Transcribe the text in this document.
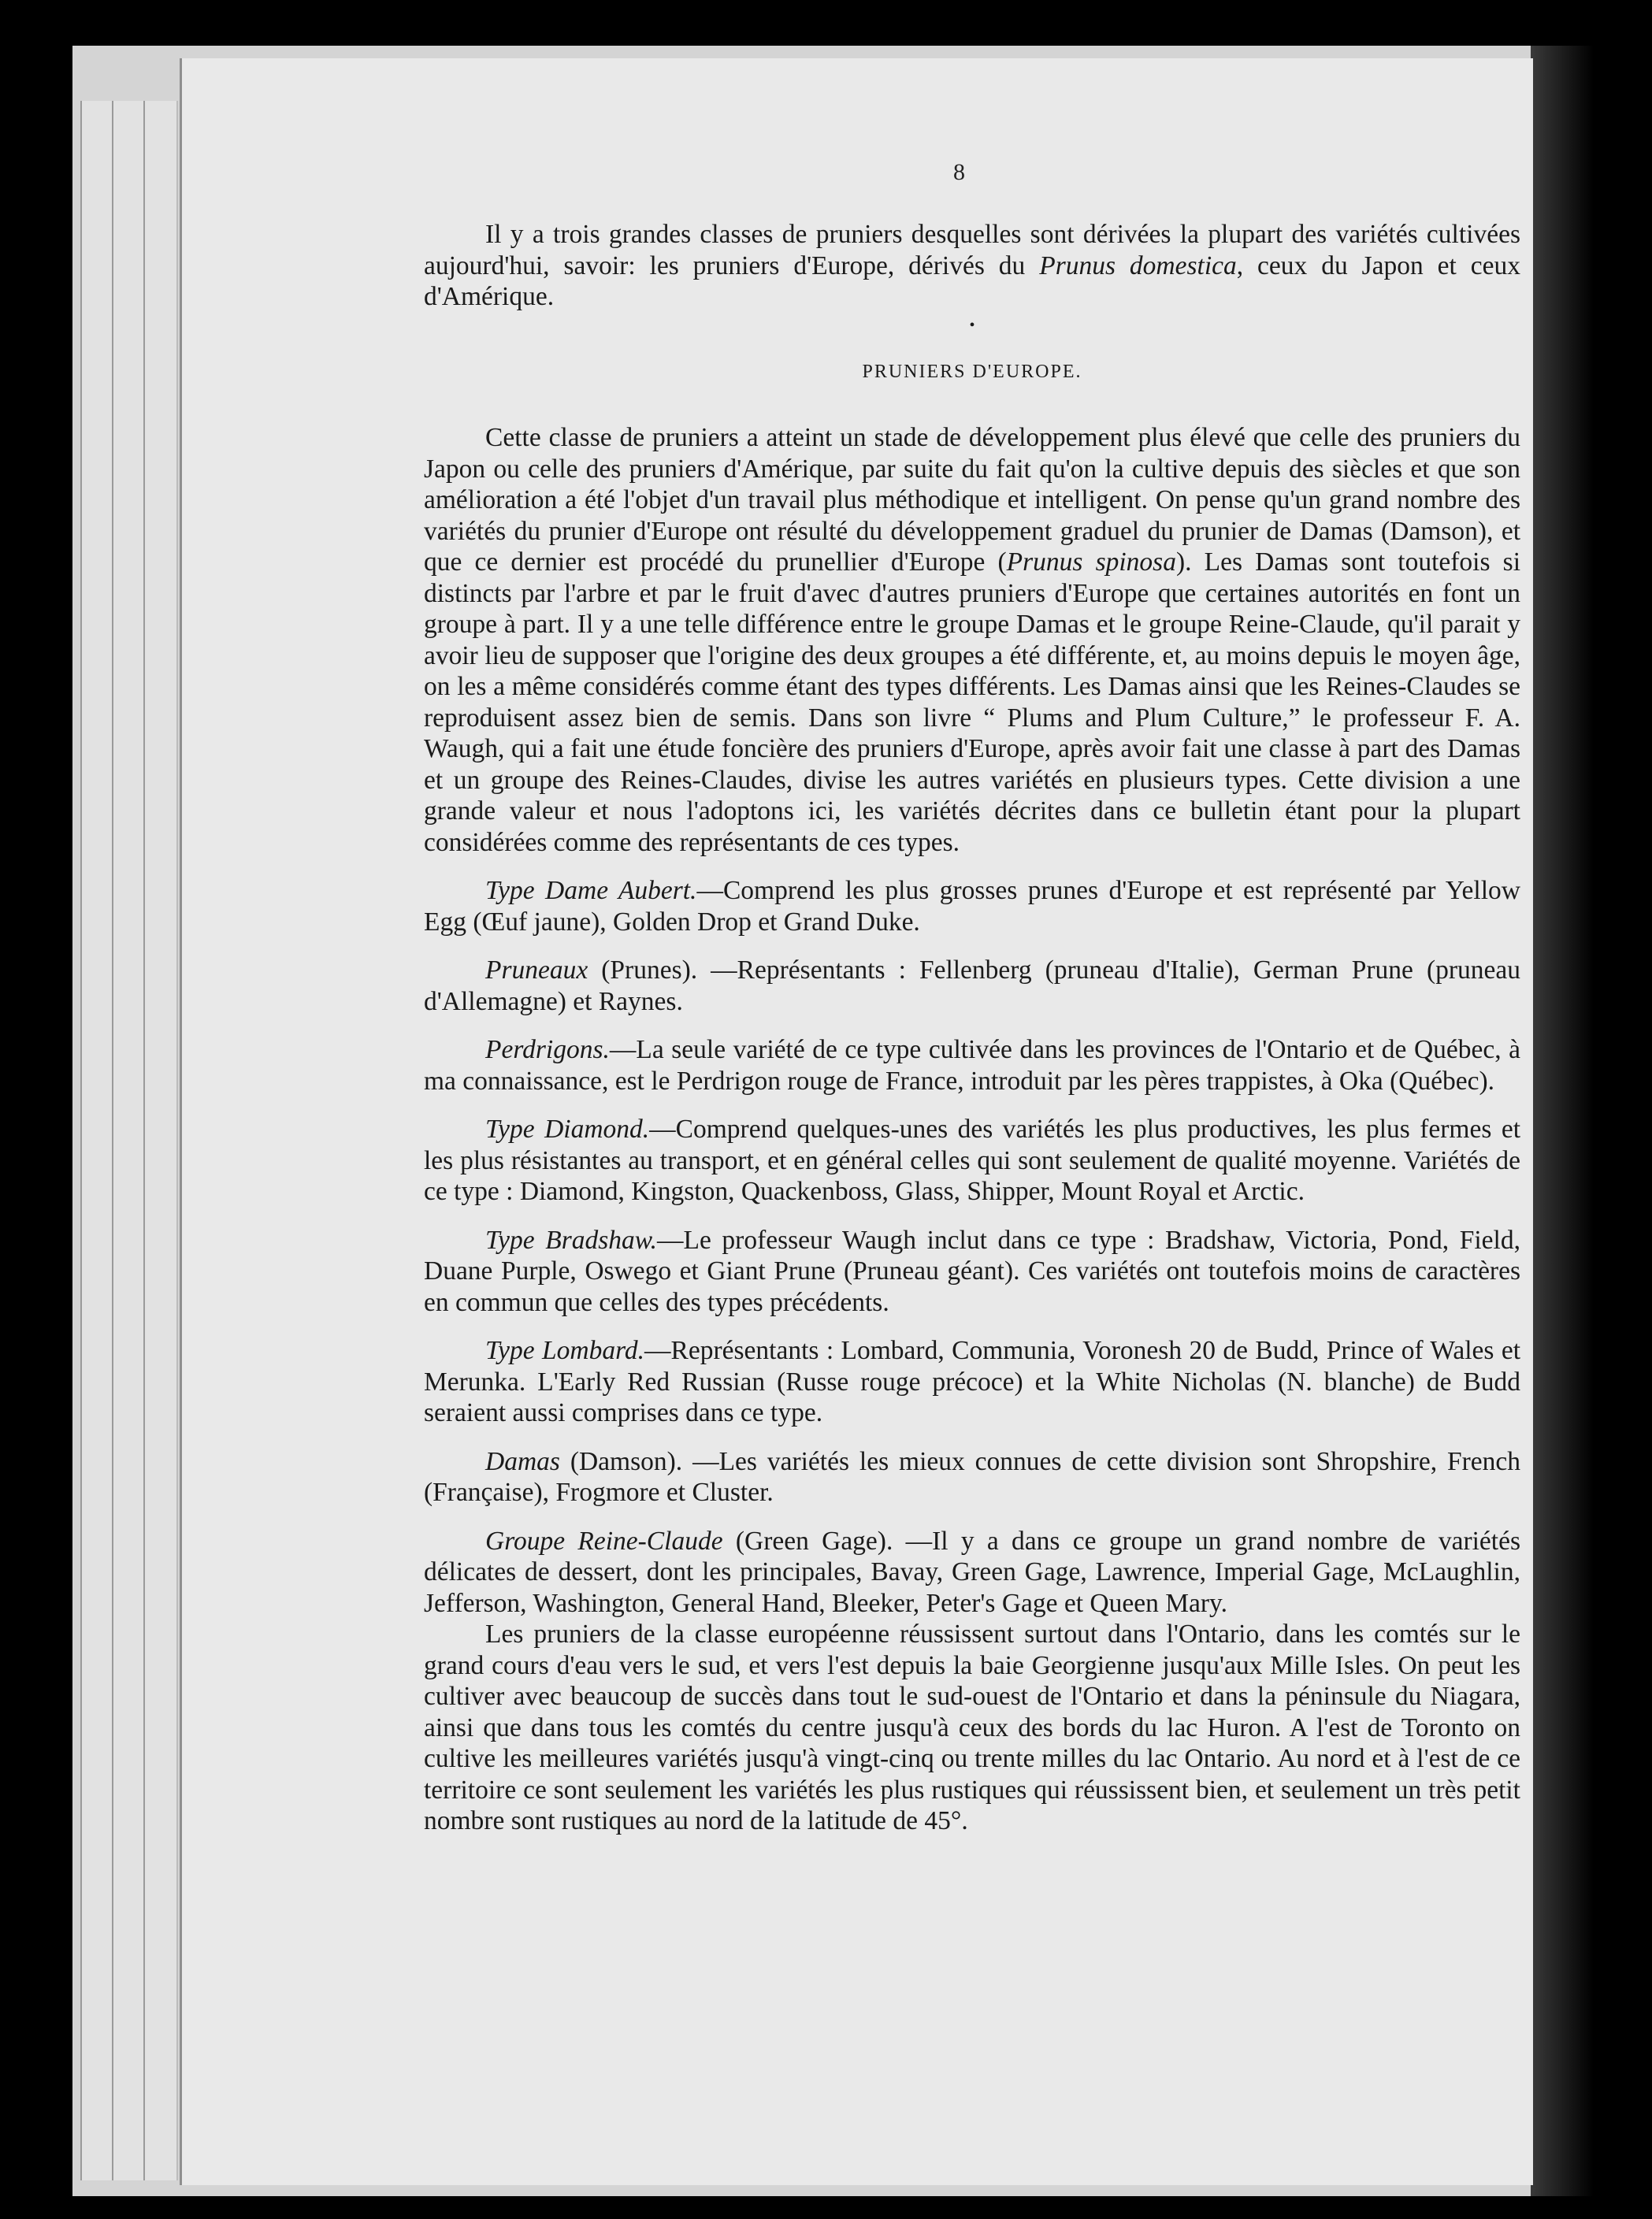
8

Il y a trois grandes classes de pruniers desquelles sont dérivées la plupart des variétés cultivées aujourd'hui, savoir: les pruniers d'Europe, dérivés du Prunus domestica, ceux du Japon et ceux d'Amérique.

•
PRUNIERS D'EUROPE.

Cette classe de pruniers a atteint un stade de développement plus élevé que celle des pruniers du Japon ou celle des pruniers d'Amérique, par suite du fait qu'on la cultive depuis des siècles et que son amélioration a été l'objet d'un travail plus méthodique et intelligent. On pense qu'un grand nombre des variétés du prunier d'Europe ont résulté du développement graduel du prunier de Damas (Damson), et que ce dernier est procédé du prunellier d'Europe (Prunus spinosa). Les Damas sont toutefois si distincts par l'arbre et par le fruit d'avec d'autres pruniers d'Europe que certaines autorités en font un groupe à part. Il y a une telle différence entre le groupe Damas et le groupe Reine-Claude, qu'il parait y avoir lieu de supposer que l'origine des deux groupes a été différente, et, au moins depuis le moyen âge, on les a même considérés comme étant des types différents. Les Damas ainsi que les Reines-Claudes se reproduisent assez bien de semis. Dans son livre “ Plums and Plum Culture,” le professeur F. A. Waugh, qui a fait une étude foncière des pruniers d'Europe, après avoir fait une classe à part des Damas et un groupe des Reines-Claudes, divise les autres variétés en plusieurs types. Cette division a une grande valeur et nous l'adoptons ici, les variétés décrites dans ce bulletin étant pour la plupart considérées comme des représentants de ces types.

Type Dame Aubert.—Comprend les plus grosses prunes d'Europe et est représenté par Yellow Egg (Œuf jaune), Golden Drop et Grand Duke.

Pruneaux (Prunes). —Représentants : Fellenberg (pruneau d'Italie), German Prune (pruneau d'Allemagne) et Raynes.

Perdrigons.—La seule variété de ce type cultivée dans les provinces de l'Ontario et de Québec, à ma connaissance, est le Perdrigon rouge de France, introduit par les pères trappistes, à Oka (Québec).

Type Diamond.—Comprend quelques-unes des variétés les plus productives, les plus fermes et les plus résistantes au transport, et en général celles qui sont seulement de qualité moyenne. Variétés de ce type : Diamond, Kingston, Quackenboss, Glass, Shipper, Mount Royal et Arctic.

Type Bradshaw.—Le professeur Waugh inclut dans ce type : Bradshaw, Victoria, Pond, Field, Duane Purple, Oswego et Giant Prune (Pruneau géant). Ces variétés ont toutefois moins de caractères en commun que celles des types précédents.

Type Lombard.—Représentants : Lombard, Communia, Voronesh 20 de Budd, Prince of Wales et Merunka. L'Early Red Russian (Russe rouge précoce) et la White Nicholas (N. blanche) de Budd seraient aussi comprises dans ce type.

Damas (Damson). —Les variétés les mieux connues de cette division sont Shropshire, French (Française), Frogmore et Cluster.

Groupe Reine-Claude (Green Gage). —Il y a dans ce groupe un grand nombre de variétés délicates de dessert, dont les principales, Bavay, Green Gage, Lawrence, Imperial Gage, McLaughlin, Jefferson, Washington, General Hand, Bleeker, Peter's Gage et Queen Mary.

Les pruniers de la classe européenne réussissent surtout dans l'Ontario, dans les comtés sur le grand cours d'eau vers le sud, et vers l'est depuis la baie Georgienne jusqu'aux Mille Isles. On peut les cultiver avec beaucoup de succès dans tout le sud-ouest de l'Ontario et dans la péninsule du Niagara, ainsi que dans tous les comtés du centre jusqu'à ceux des bords du lac Huron. A l'est de Toronto on cultive les meilleures variétés jusqu'à vingt-cinq ou trente milles du lac Ontario. Au nord et à l'est de ce territoire ce sont seulement les variétés les plus rustiques qui réussissent bien, et seulement un très petit nombre sont rustiques au nord de la latitude de 45°.
